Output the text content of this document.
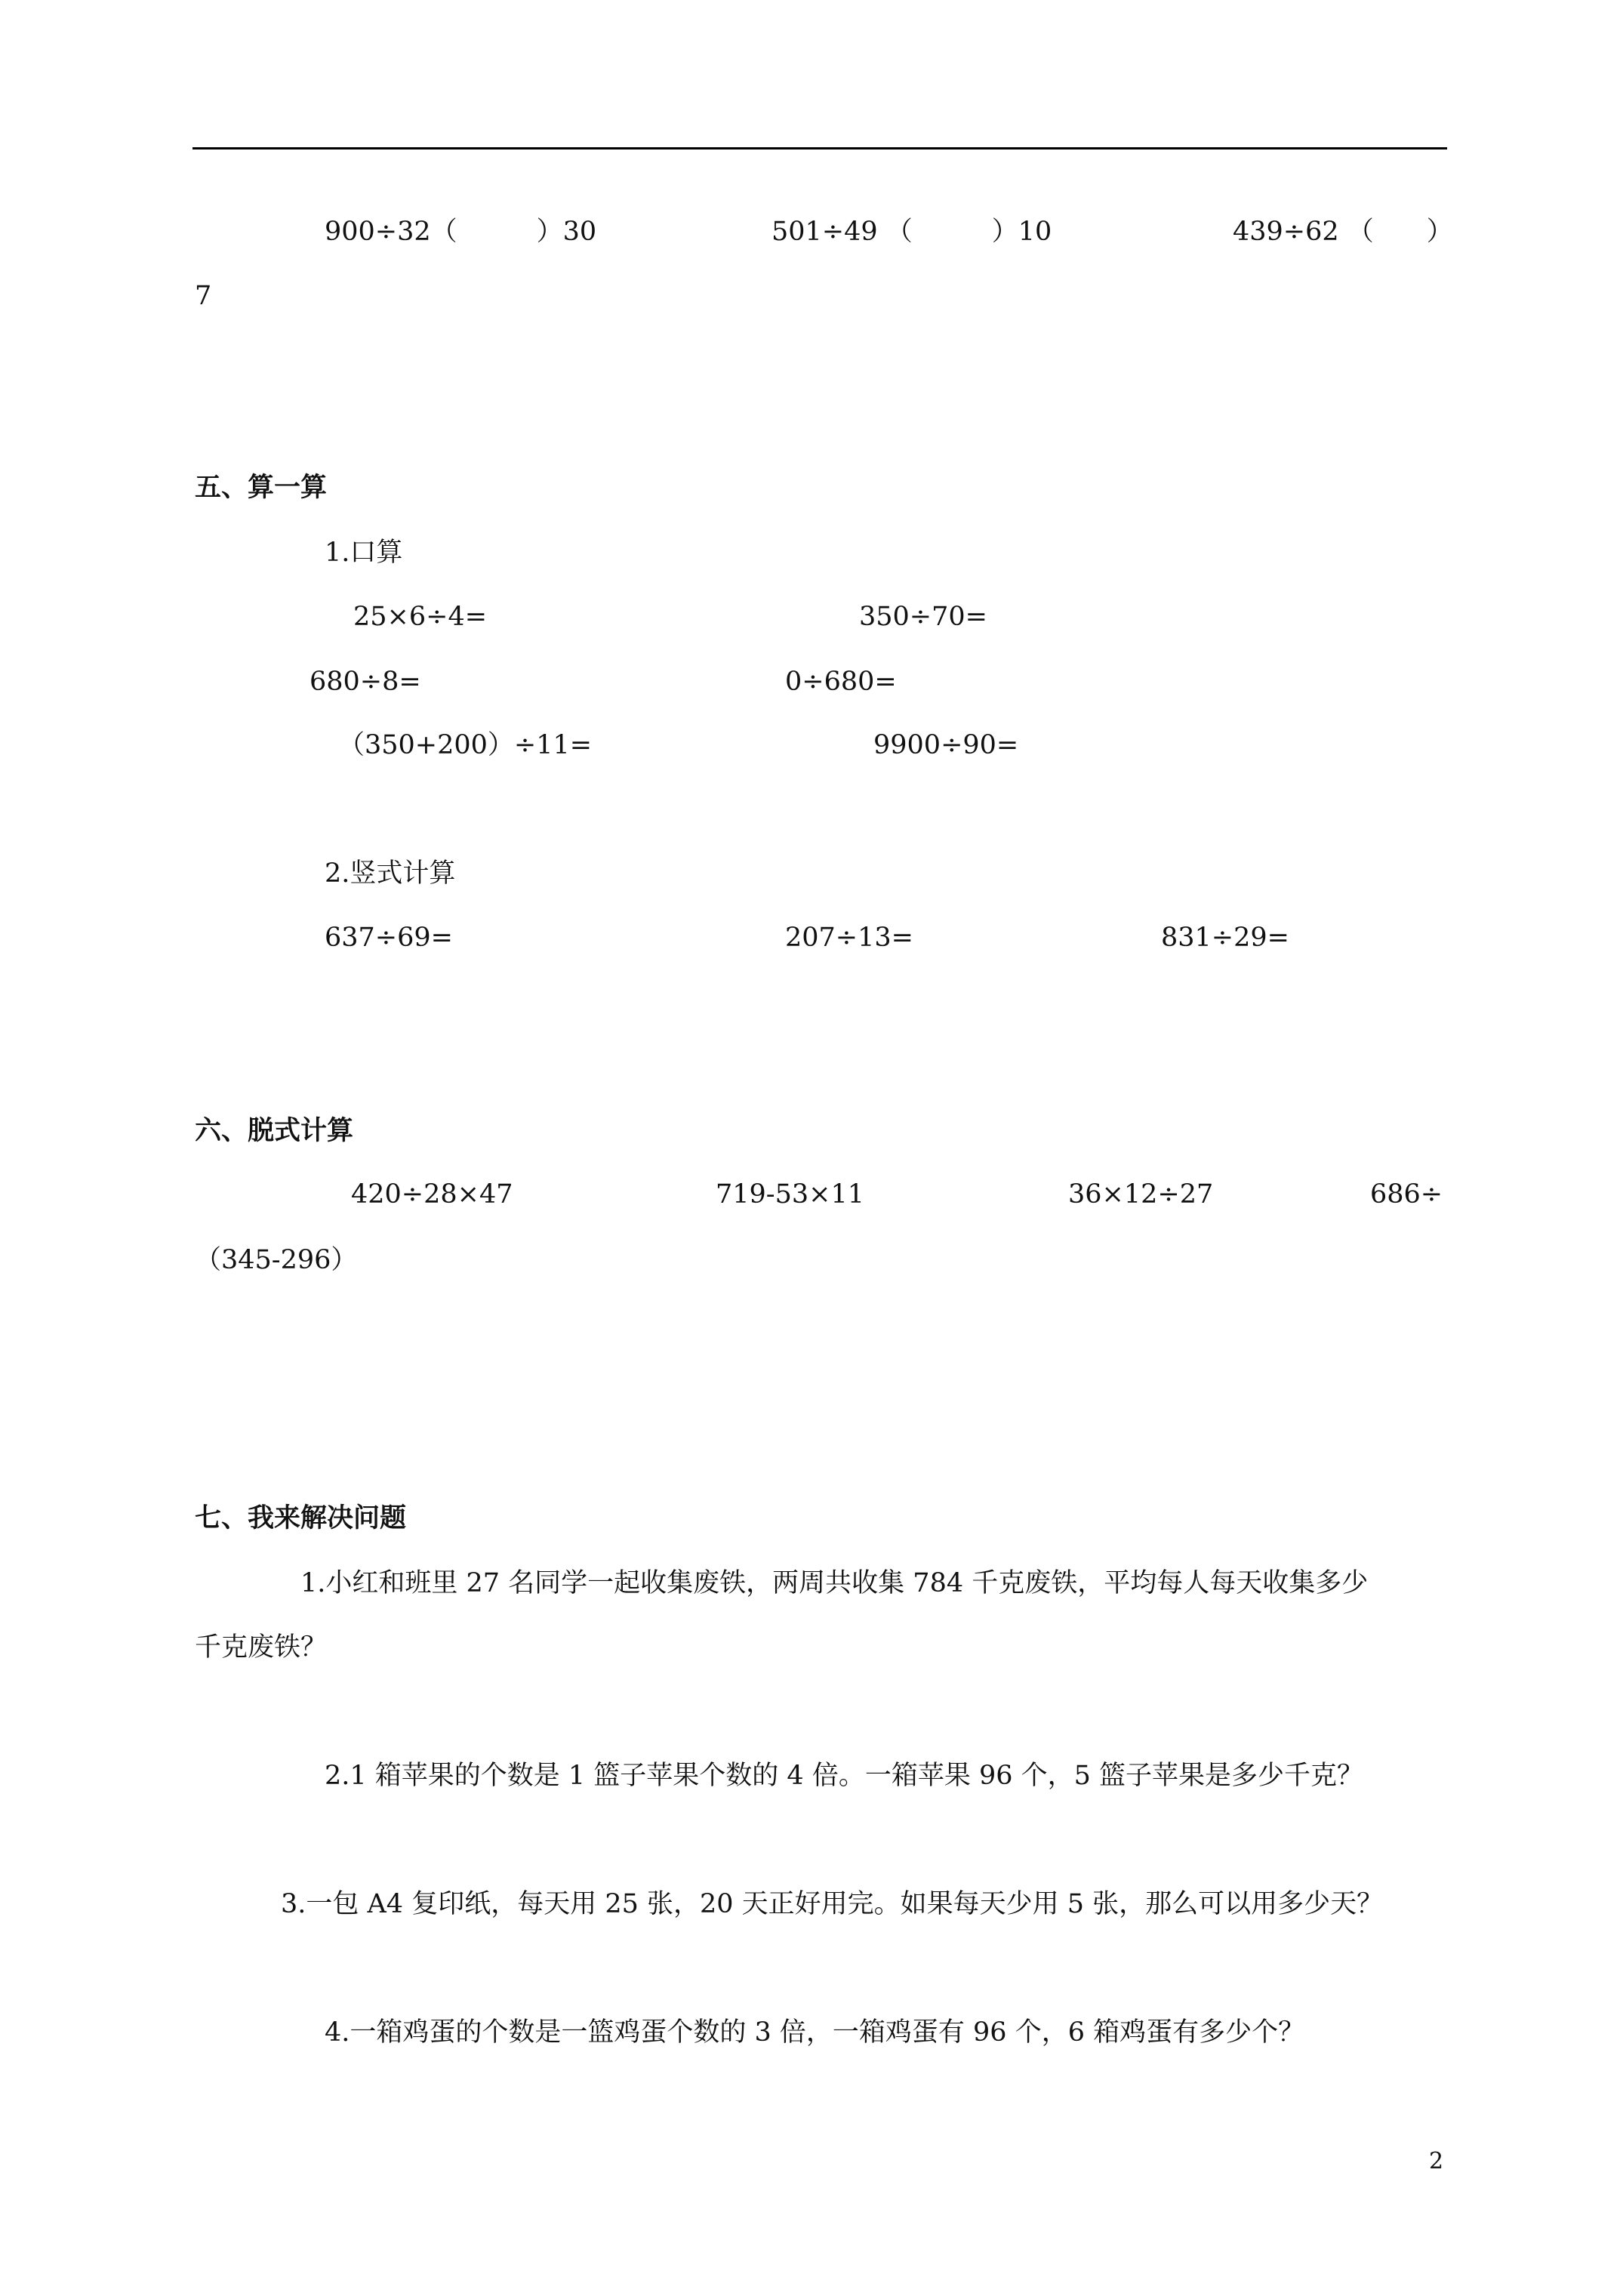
900÷32（　　　）30	501÷49 （　　　）10	439÷62 （　　）
7
五、算一算
1.口算
25×6÷4=	350÷70=
680÷8=	0÷680=
（350+200）÷11=	9900÷90=
2.竖式计算
637÷69=	207÷13=	831÷29=
六、脱式计算
420÷28×47	719-53×11	36×12÷27	686÷
（345-296）
七、我来解决问题
1.小红和班里 27 名同学一起收集废铁，两周共收集 784 千克废铁，平均每人每天收集多少
千克废铁？
2.1 箱苹果的个数是 1 篮子苹果个数的 4 倍。一箱苹果 96 个，5 篮子苹果是多少千克？
3.一包 A4 复印纸，每天用 25 张，20 天正好用完。如果每天少用 5 张，那么可以用多少天？
4.一箱鸡蛋的个数是一篮鸡蛋个数的 3 倍，一箱鸡蛋有 96 个，6 箱鸡蛋有多少个？
2
